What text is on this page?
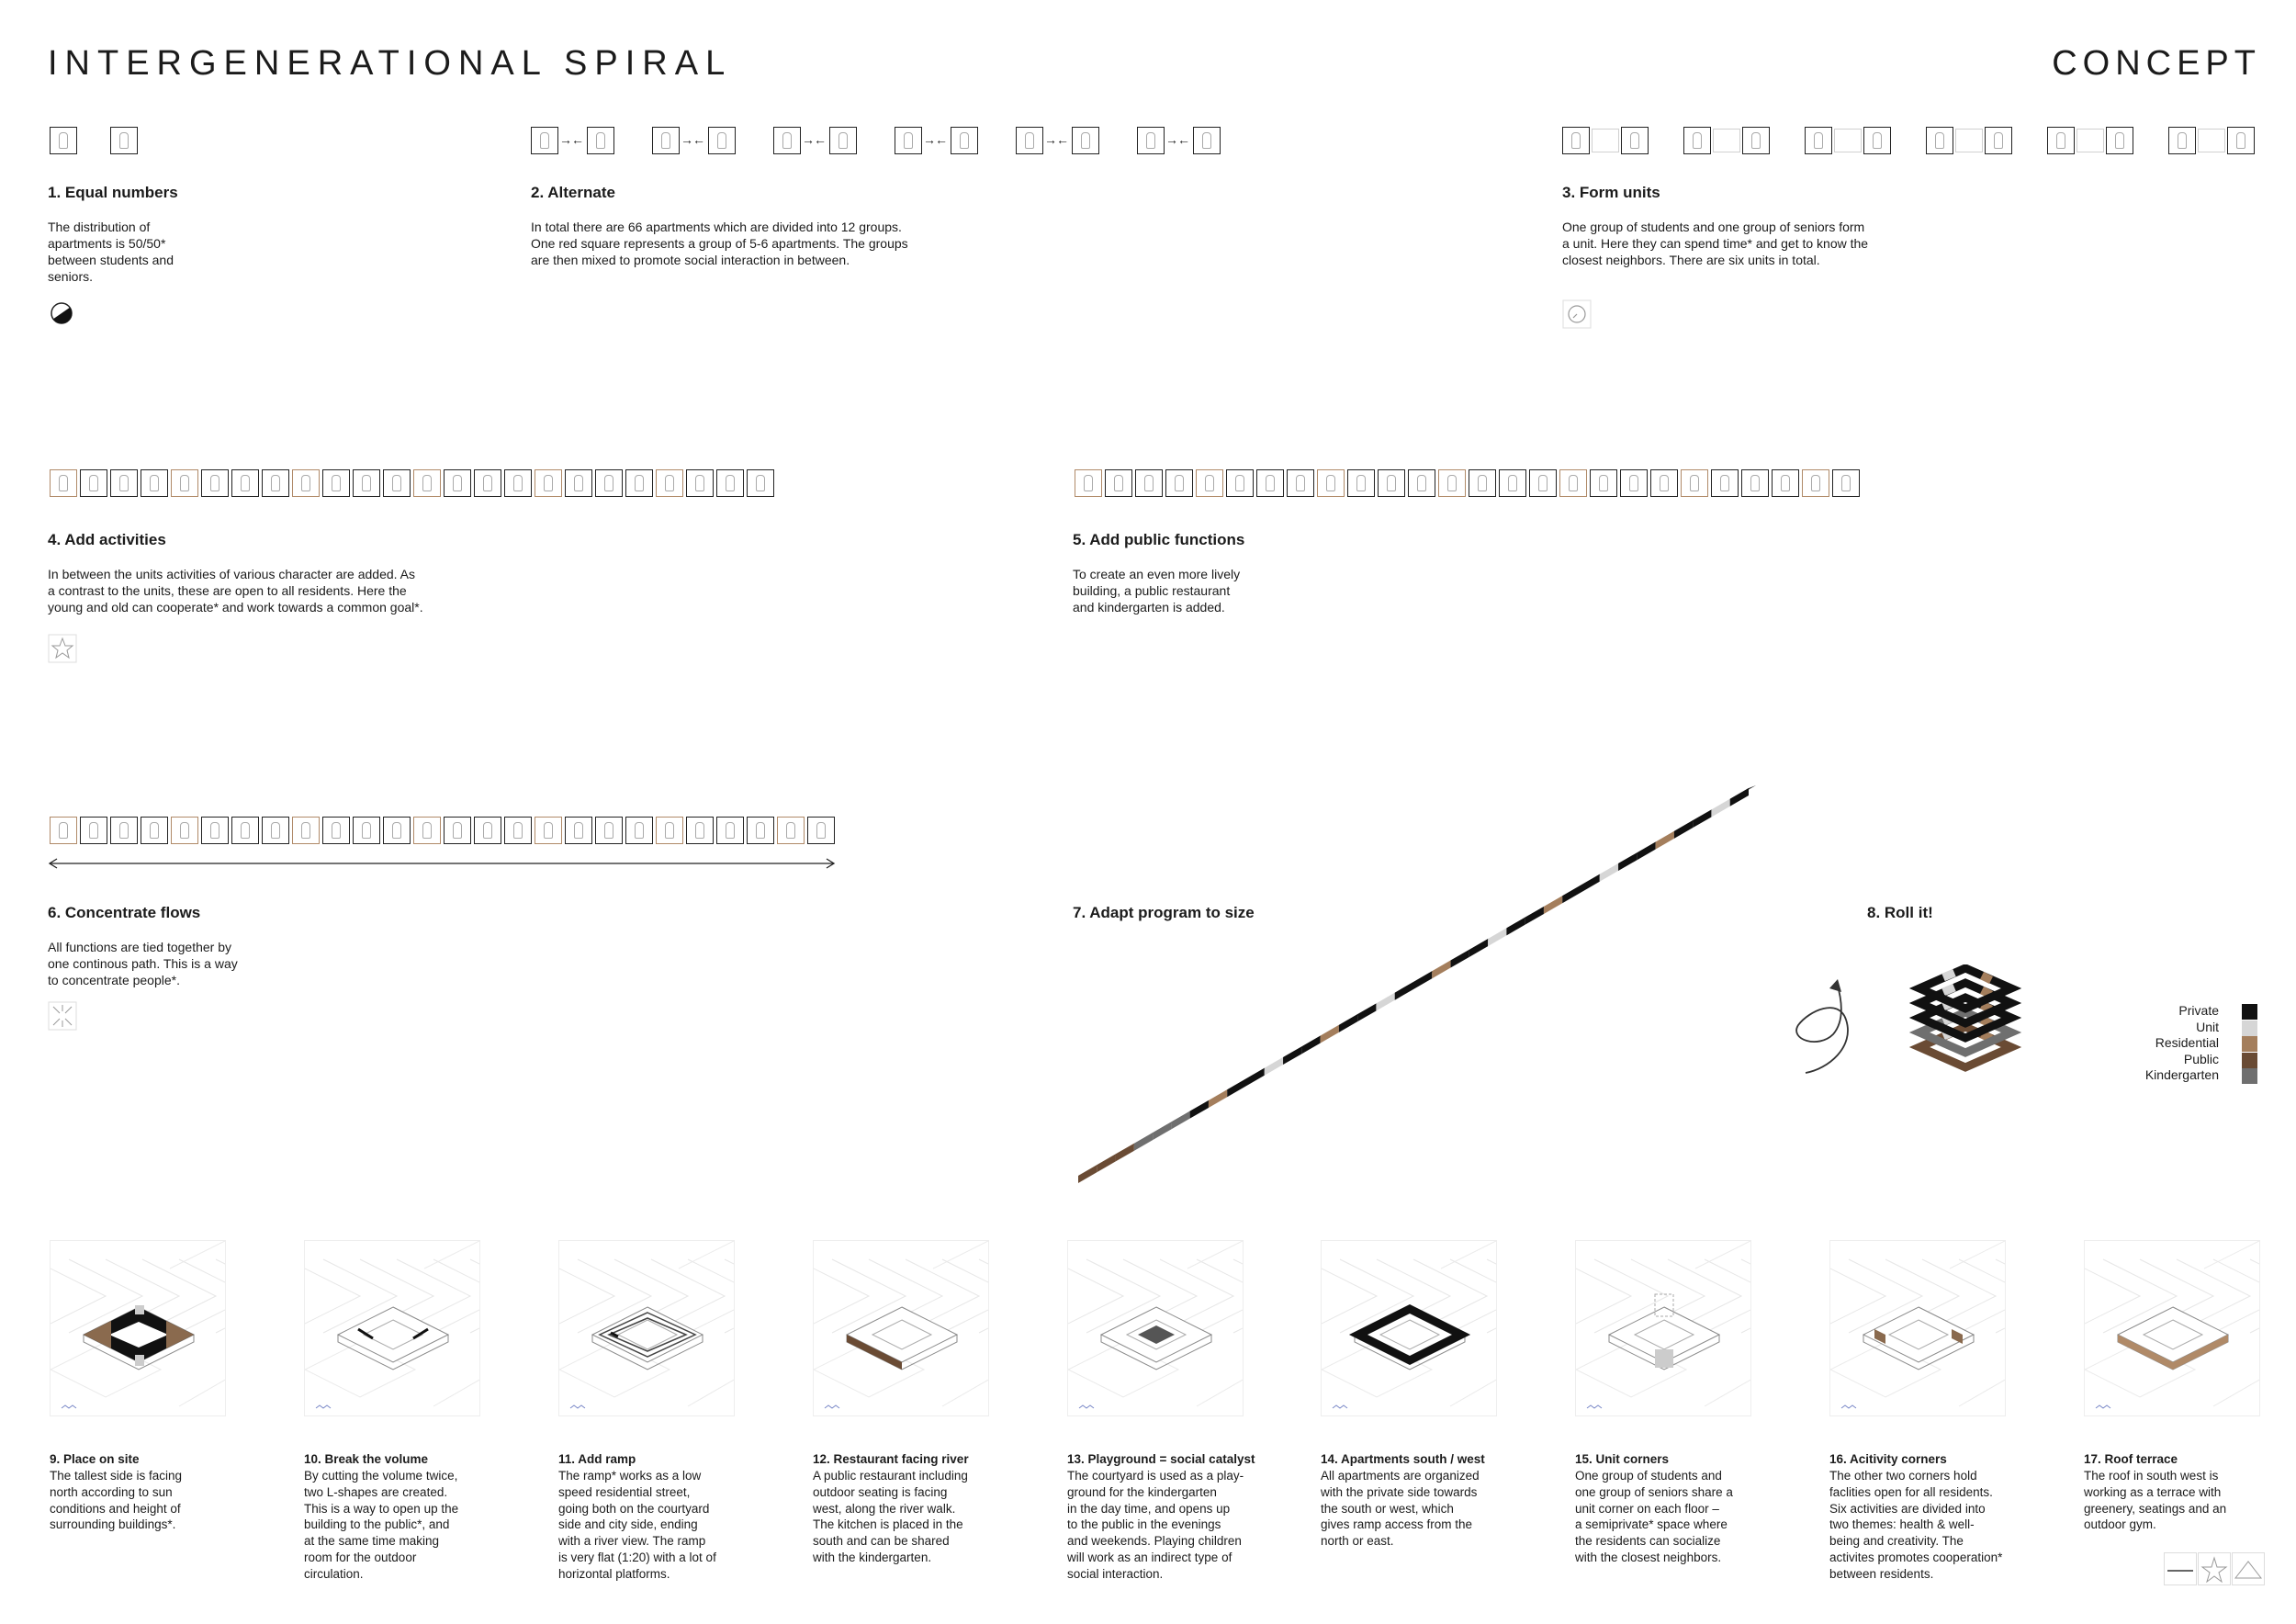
INTERGENERATIONAL SPIRAL	CONCEPT
→ ←	→ ←	→ ←	→ ←	→ ←	→ ←
1. Equal numbers
The distribution of
apartments is 50/50*
between students and
seniors.
2. Alternate
In total there are 66 apartments which are divided into 12 groups.
One red square represents a group of 5-6 apartments. The groups
are then mixed to promote social interaction in between.
3. Form units
One group of students and one group of seniors form
a unit. Here they can spend time* and get to know the
closest neighbors. There are six units in total.
4. Add activities
In between the units activities of various character are added. As
a contrast to the units, these are open to all residents. Here the
young and old can cooperate* and work towards a common goal*.
5. Add public functions
To create an even more lively
building, a public restaurant
and kindergarten is added.
6. Concentrate flows
All functions are tied together by
one continous path. This is a way
to concentrate people*.
7. Adapt program to size	8. Roll it!
Private
Unit
Residential
Public
Kindergarten
9. Place on site
The tallest side is facing
north according to sun
conditions and height of
surrounding buildings*.
10. Break the volume
By cutting the volume twice,
two L-shapes are created.
This is a way to open up the
building to the public*, and
at the same time making
room for the outdoor
circulation.
11. Add ramp
The ramp* works as a low
speed residential street,
going both on the courtyard
side and city side, ending
with a river view. The ramp
is very flat (1:20) with a lot of
horizontal platforms.
12. Restaurant facing river
A public restaurant including
outdoor seating is facing
west, along the river walk.
The kitchen is placed in the
south and can be shared
with the kindergarten.
13. Playground = social catalyst
The courtyard is used as a play-
ground for the kindergarten
in the day time, and opens up
to the public in the evenings
and weekends. Playing children
will work as an indirect type of
social interaction.
14. Apartments south / west
All apartments are organized
with the private side towards
the south or west, which
gives ramp access from the
north or east.
15. Unit corners
One group of students and
one group of seniors share a
unit corner on each floor –
a semiprivate* space where
the residents can socialize
with the closest neighbors.
16. Acitivity corners
The other two corners hold
faclities open for all residents.
Six activities are divided into
two themes: health & well-
being and creativity. The
activites promotes cooperation*
between residents.
17. Roof terrace
The roof in south west is
working as a terrace with
greenery, seatings and an
outdoor gym.
